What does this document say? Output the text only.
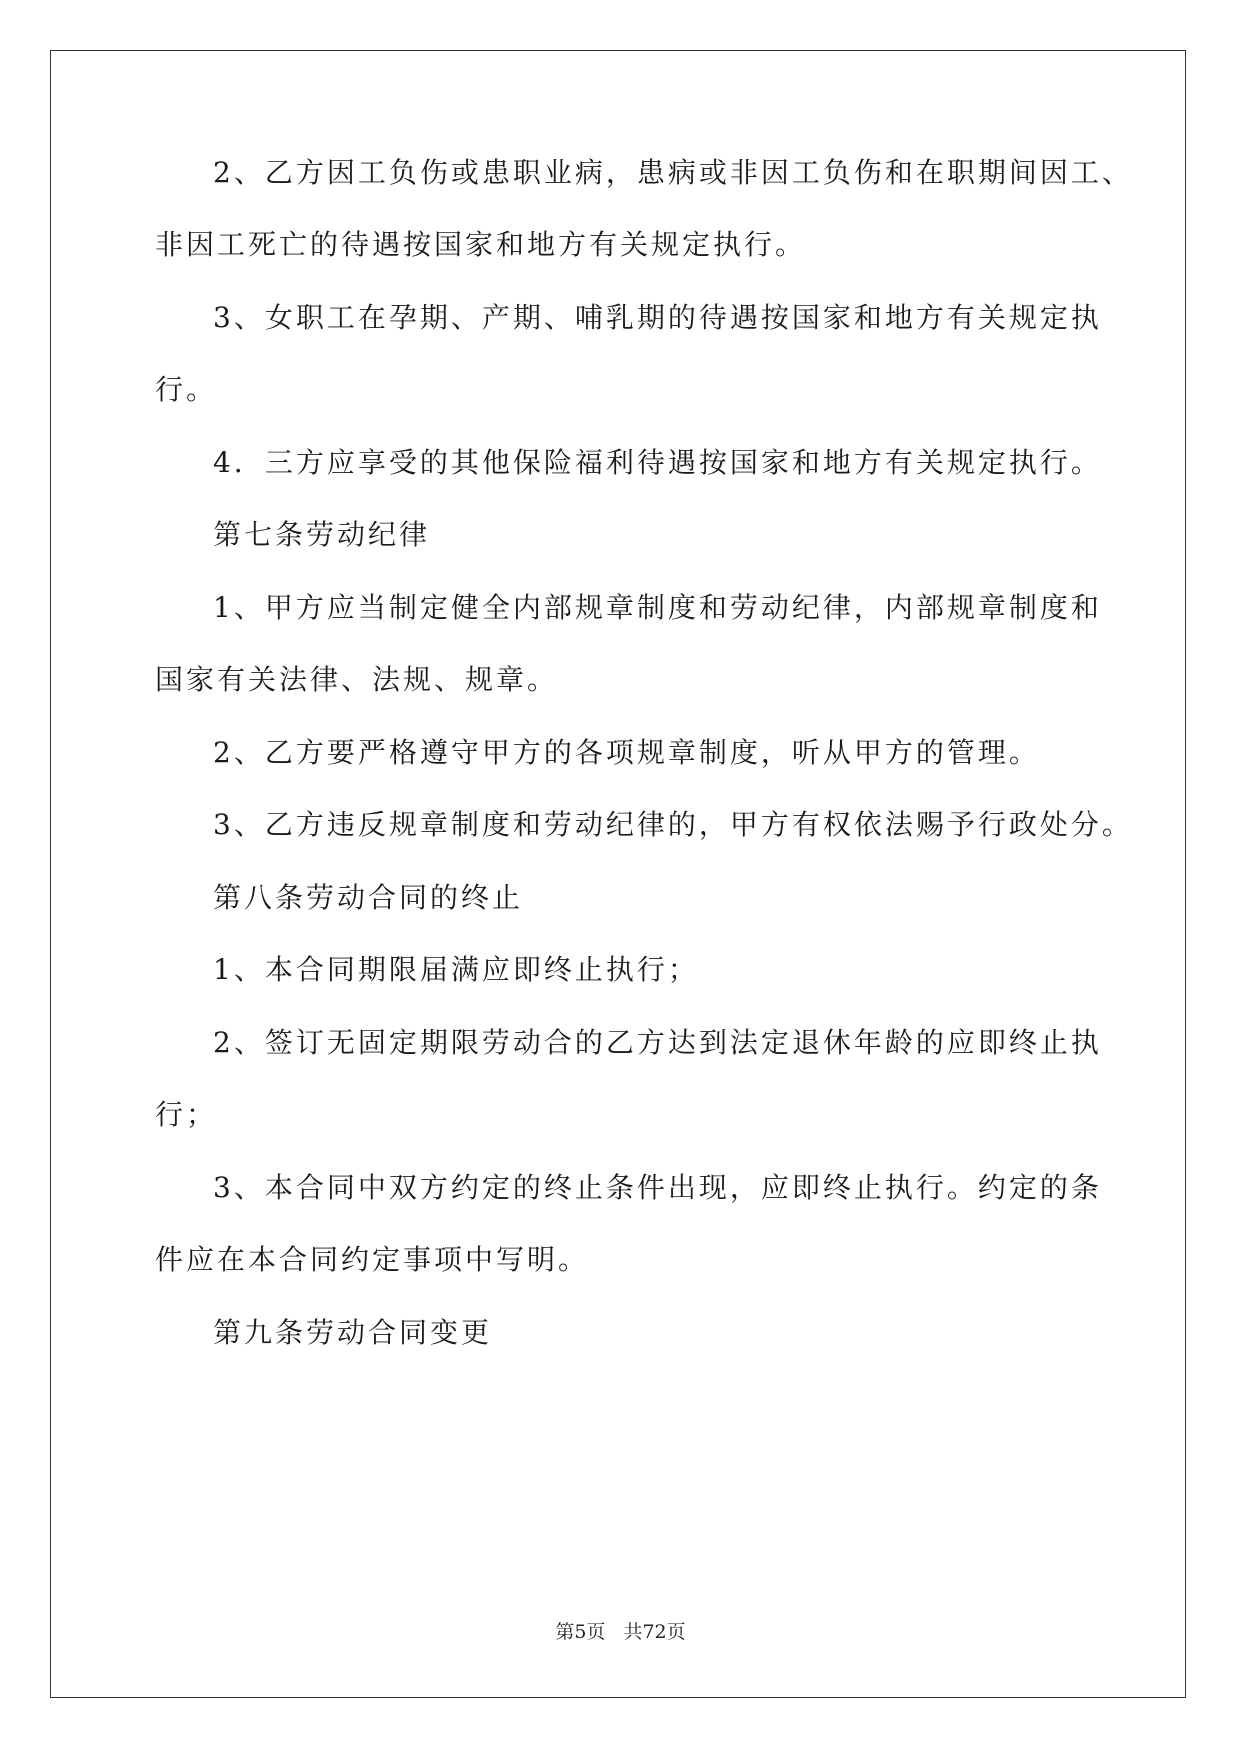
2、乙方因工负伤或患职业病，患病或非因工负伤和在职期间因工、
非因工死亡的待遇按国家和地方有关规定执行。
3、女职工在孕期、产期、哺乳期的待遇按国家和地方有关规定执
行。
4．三方应享受的其他保险福利待遇按国家和地方有关规定执行。
第七条劳动纪律
1、甲方应当制定健全内部规章制度和劳动纪律，内部规章制度和
国家有关法律、法规、规章。
2、乙方要严格遵守甲方的各项规章制度，听从甲方的管理。
3、乙方违反规章制度和劳动纪律的，甲方有权依法赐予行政处分。
第八条劳动合同的终止
1、本合同期限届满应即终止执行；
2、签订无固定期限劳动合的乙方达到法定退休年龄的应即终止执
行；
3、本合同中双方约定的终止条件出现，应即终止执行。约定的条
件应在本合同约定事项中写明。
第九条劳动合同变更
第5页 共72页
